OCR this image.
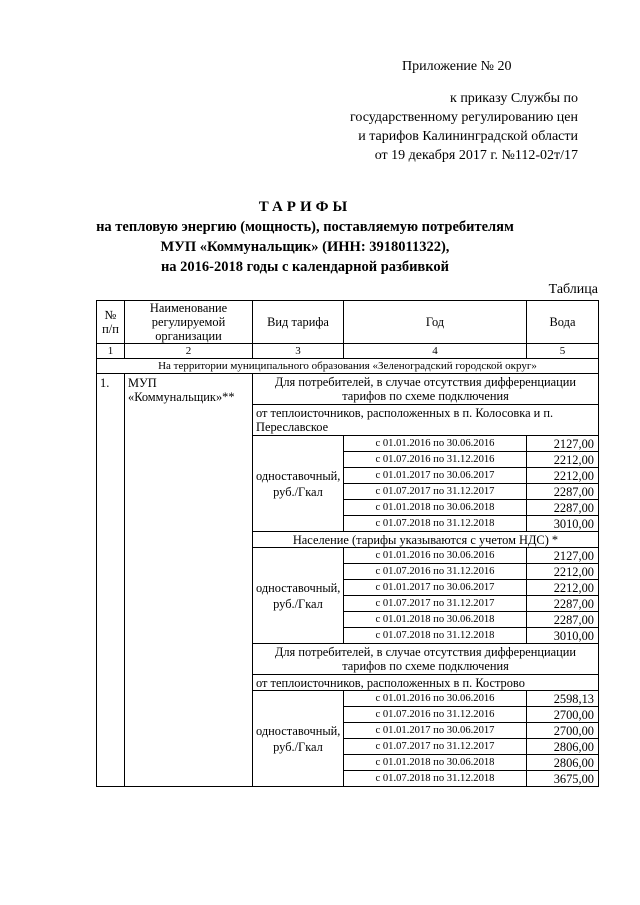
Приложение № 20
к приказу Службы по
государственному регулированию цен
и тарифов Калининградской области
от 19 декабря 2017 г. №112-02т/17
ТАРИФЫ
на тепловую энергию (мощность), поставляемую потребителям
МУП «Коммунальщик» (ИНН: 3918011322),
на 2016-2018 годы с календарной разбивкой
Таблица
№ п/п	Наименование регулируемой организации	Вид тарифа	Год	Вода
1	2	3	4	5
На территории муниципального образования «Зеленоградский городской округ»				
1.	МУП «Коммунальщик»**	Для потребителей, в случае отсутствия дифференциации тарифов по схеме подключения		
		от теплоисточников, расположенных в п. Колосовка и п. Переславское		
		одноставочный, руб./Гкал	с 01.01.2016 по 30.06.2016	2127,00
			с 01.07.2016 по 31.12.2016	2212,00
			с 01.01.2017 по 30.06.2017	2212,00
			с 01.07.2017 по 31.12.2017	2287,00
			с 01.01.2018 по 30.06.2018	2287,00
			с 01.07.2018 по 31.12.2018	3010,00
		Население (тарифы указываются с учетом НДС) *		
		одноставочный, руб./Гкал	с 01.01.2016 по 30.06.2016	2127,00
			с 01.07.2016 по 31.12.2016	2212,00
			с 01.01.2017 по 30.06.2017	2212,00
			с 01.07.2017 по 31.12.2017	2287,00
			с 01.01.2018 по 30.06.2018	2287,00
			с 01.07.2018 по 31.12.2018	3010,00
		Для потребителей, в случае отсутствия дифференциации тарифов по схеме подключения		
		от теплоисточников, расположенных в п. Кострово		
		одноставочный, руб./Гкал	с 01.01.2016 по 30.06.2016	2598,13
			с 01.07.2016 по 31.12.2016	2700,00
			с 01.01.2017 по 30.06.2017	2700,00
			с 01.07.2017 по 31.12.2017	2806,00
			с 01.01.2018 по 30.06.2018	2806,00
			с 01.07.2018 по 31.12.2018	3675,00
